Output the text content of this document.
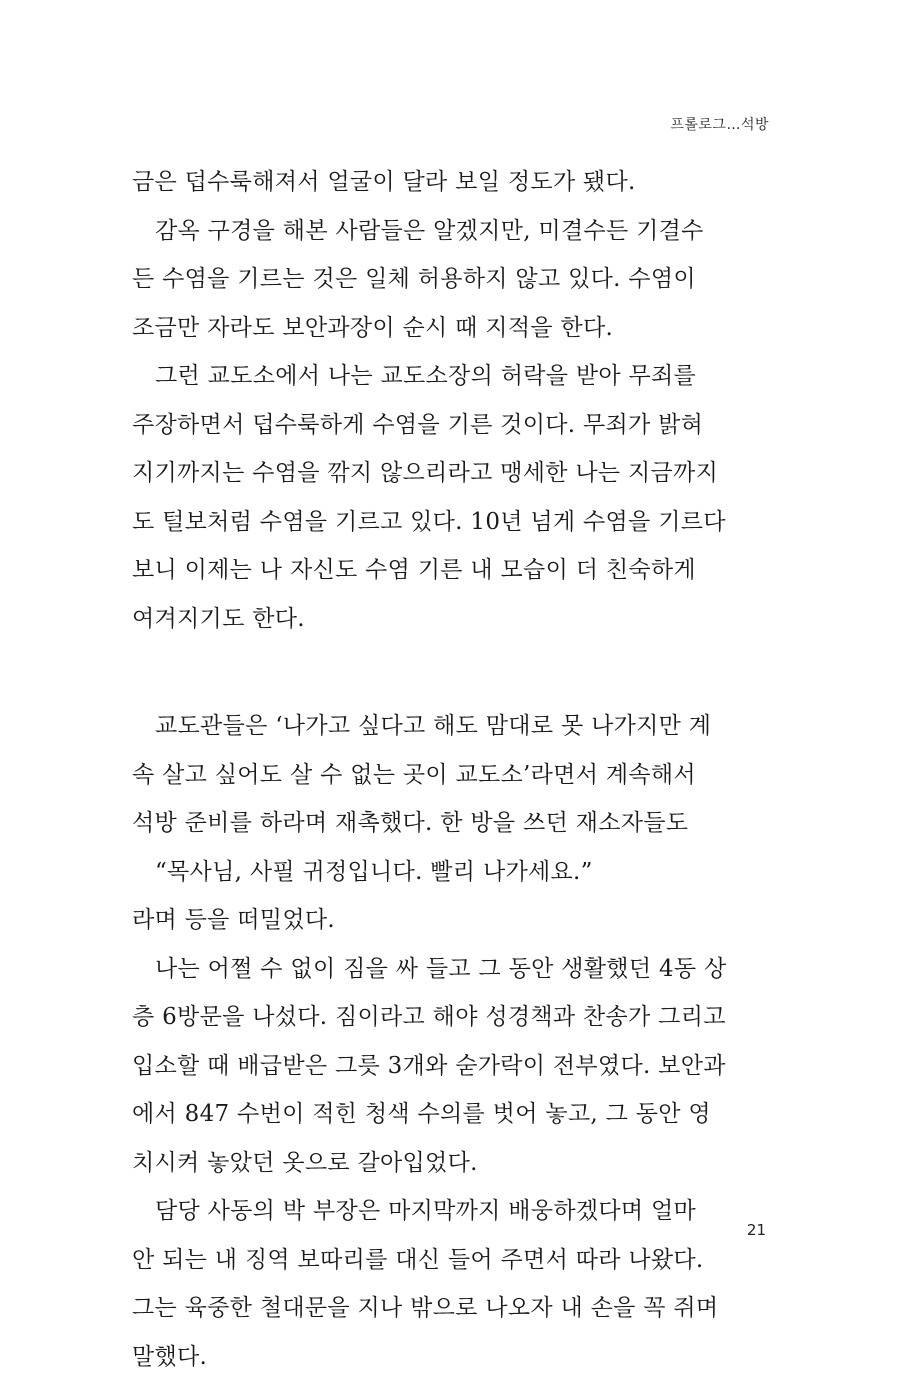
프롤로그…석방
금은 덥수룩해져서 얼굴이 달라 보일 정도가 됐다.
감옥 구경을 해본 사람들은 알겠지만, 미결수든 기결수
든 수염을 기르는 것은 일체 허용하지 않고 있다. 수염이
조금만 자라도 보안과장이 순시 때 지적을 한다.
그런 교도소에서 나는 교도소장의 허락을 받아 무죄를
주장하면서 덥수룩하게 수염을 기른 것이다. 무죄가 밝혀
지기까지는 수염을 깎지 않으리라고 맹세한 나는 지금까지
도 털보처럼 수염을 기르고 있다. 10년 넘게 수염을 기르다
보니 이제는 나 자신도 수염 기른 내 모습이 더 친숙하게
여겨지기도 한다.
교도관들은 ‘나가고 싶다고 해도 맘대로 못 나가지만 계
속 살고 싶어도 살 수 없는 곳이 교도소’라면서 계속해서
석방 준비를 하라며 재촉했다. 한 방을 쓰던 재소자들도
“목사님, 사필 귀정입니다. 빨리 나가세요.”
라며 등을 떠밀었다.
나는 어쩔 수 없이 짐을 싸 들고 그 동안 생활했던 4동 상
층 6방문을 나섰다. 짐이라고 해야 성경책과 찬송가 그리고
입소할 때 배급받은 그릇 3개와 숟가락이 전부였다. 보안과
에서 847 수번이 적힌 청색 수의를 벗어 놓고, 그 동안 영
치시켜 놓았던 옷으로 갈아입었다.
담당 사동의 박 부장은 마지막까지 배웅하겠다며 얼마
안 되는 내 징역 보따리를 대신 들어 주면서 따라 나왔다.
그는 육중한 철대문을 지나 밖으로 나오자 내 손을 꼭 쥐며
말했다.
21
